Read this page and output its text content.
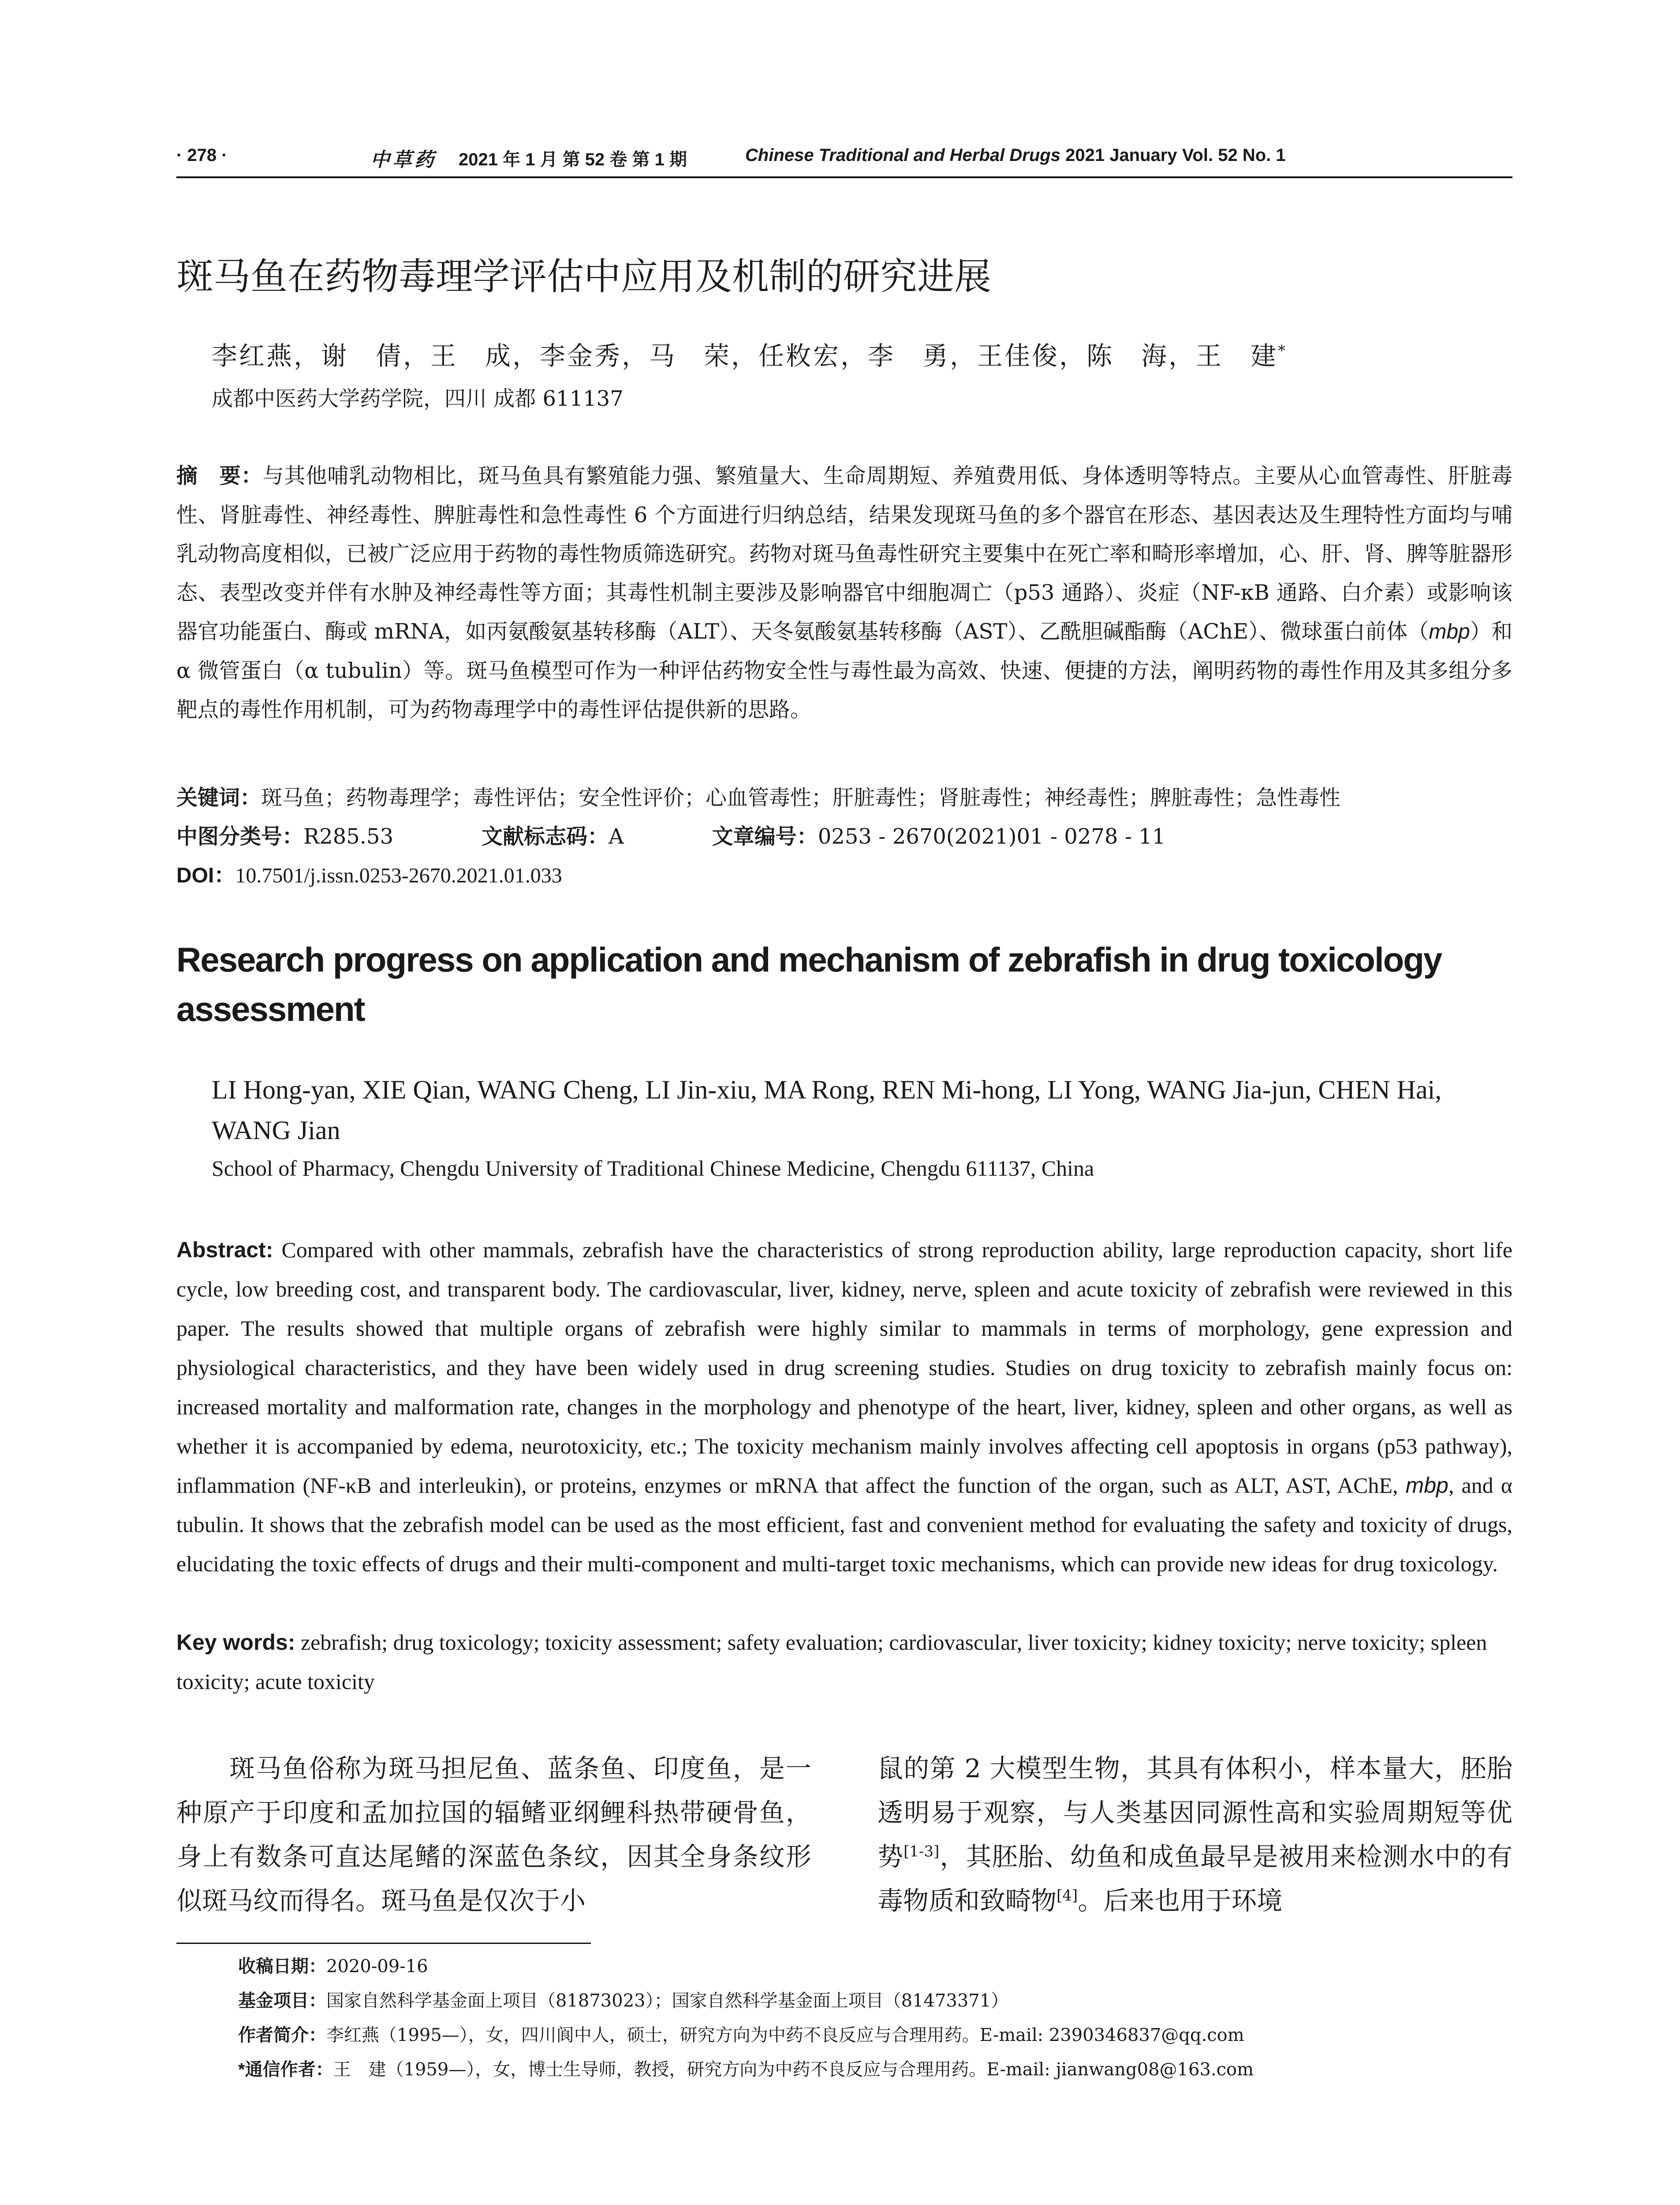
· 278 ·	中草药 2021 年 1 月 第 52 卷 第 1 期	Chinese Traditional and Herbal Drugs 2021 January Vol. 52 No. 1
斑马鱼在药物毒理学评估中应用及机制的研究进展
李红燕，谢　倩，王　成，李金秀，马　荣，任敉宏，李　勇，王佳俊，陈　海，王　建*
成都中医药大学药学院，四川 成都 611137
摘　要：与其他哺乳动物相比，斑马鱼具有繁殖能力强、繁殖量大、生命周期短、养殖费用低、身体透明等特点。主要从心血管毒性、肝脏毒性、肾脏毒性、神经毒性、脾脏毒性和急性毒性 6 个方面进行归纳总结，结果发现斑马鱼的多个器官在形态、基因表达及生理特性方面均与哺乳动物高度相似，已被广泛应用于药物的毒性物质筛选研究。药物对斑马鱼毒性研究主要集中在死亡率和畸形率增加，心、肝、肾、脾等脏器形态、表型改变并伴有水肿及神经毒性等方面；其毒性机制主要涉及影响器官中细胞凋亡（p53 通路）、炎症（NF-κB 通路、白介素）或影响该器官功能蛋白、酶或 mRNA，如丙氨酸氨基转移酶（ALT）、天冬氨酸氨基转移酶（AST）、乙酰胆碱酯酶（AChE）、微球蛋白前体（mbp）和 α 微管蛋白（α tubulin）等。斑马鱼模型可作为一种评估药物安全性与毒性最为高效、快速、便捷的方法，阐明药物的毒性作用及其多组分多靶点的毒性作用机制，可为药物毒理学中的毒性评估提供新的思路。
关键词：斑马鱼；药物毒理学；毒性评估；安全性评价；心血管毒性；肝脏毒性；肾脏毒性；神经毒性；脾脏毒性；急性毒性
中图分类号：R285.53	文献标志码：A	文章编号：0253 - 2670(2021)01 - 0278 - 11
DOI：10.7501/j.issn.0253-2670.2021.01.033
Research progress on application and mechanism of zebrafish in drug toxicology assessment
LI Hong-yan, XIE Qian, WANG Cheng, LI Jin-xiu, MA Rong, REN Mi-hong, LI Yong, WANG Jia-jun, CHEN Hai, WANG Jian
School of Pharmacy, Chengdu University of Traditional Chinese Medicine, Chengdu 611137, China
Abstract: Compared with other mammals, zebrafish have the characteristics of strong reproduction ability, large reproduction capacity, short life cycle, low breeding cost, and transparent body. The cardiovascular, liver, kidney, nerve, spleen and acute toxicity of zebrafish were reviewed in this paper. The results showed that multiple organs of zebrafish were highly similar to mammals in terms of morphology, gene expression and physiological characteristics, and they have been widely used in drug screening studies. Studies on drug toxicity to zebrafish mainly focus on: increased mortality and malformation rate, changes in the morphology and phenotype of the heart, liver, kidney, spleen and other organs, as well as whether it is accompanied by edema, neurotoxicity, etc.; The toxicity mechanism mainly involves affecting cell apoptosis in organs (p53 pathway), inflammation (NF-κB and interleukin), or proteins, enzymes or mRNA that affect the function of the organ, such as ALT, AST, AChE, mbp, and α tubulin. It shows that the zebrafish model can be used as the most efficient, fast and convenient method for evaluating the safety and toxicity of drugs, elucidating the toxic effects of drugs and their multi-component and multi-target toxic mechanisms, which can provide new ideas for drug toxicology.
Key words: zebrafish; drug toxicology; toxicity assessment; safety evaluation; cardiovascular, liver toxicity; kidney toxicity; nerve toxicity; spleen toxicity; acute toxicity
　　斑马鱼俗称为斑马担尼鱼、蓝条鱼、印度鱼，是一种原产于印度和孟加拉国的辐鳍亚纲鲤科热带硬骨鱼，身上有数条可直达尾鳍的深蓝色条纹，因其全身条纹形似斑马纹而得名。斑马鱼是仅次于小
鼠的第 2 大模型生物，其具有体积小，样本量大，胚胎透明易于观察，与人类基因同源性高和实验周期短等优势[1-3]，其胚胎、幼鱼和成鱼最早是被用来检测水中的有毒物质和致畸物[4]。后来也用于环境
收稿日期：2020-09-16
基金项目：国家自然科学基金面上项目（81873023）；国家自然科学基金面上项目（81473371）
作者简介：李红燕（1995—），女，四川阆中人，硕士，研究方向为中药不良反应与合理用药。E-mail: 2390346837@qq.com
*通信作者：王　建（1959—），女，博士生导师，教授，研究方向为中药不良反应与合理用药。E-mail: jianwang08@163.com
